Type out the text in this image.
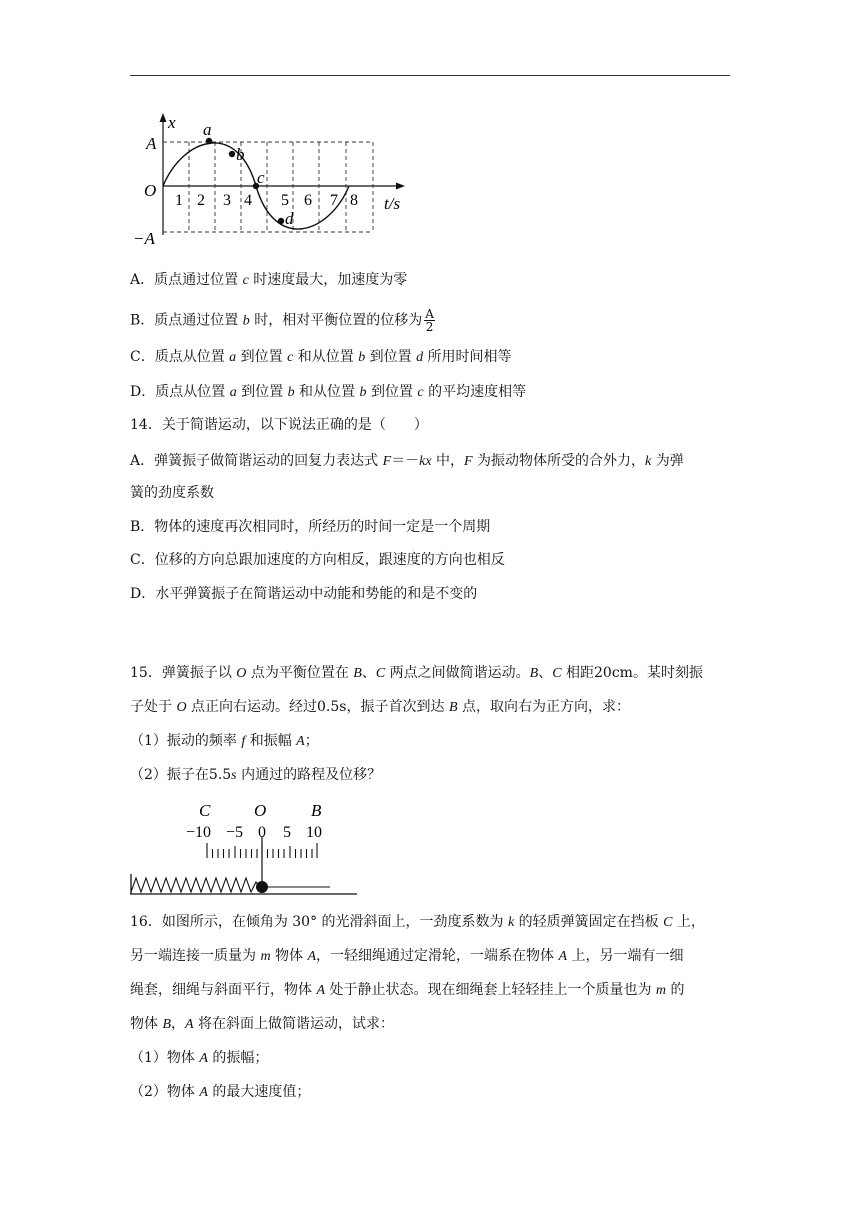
x
A
O
−A
1 2 3 4 5 6 7 8 t/s
a
b
c
d
A．质点通过位置 c 时速度最大，加速度为零
B．质点通过位置 b 时，相对平衡位置的位移为 $\frac{A}{2}$
C．质点从位置 a 到位置 c 和从位置 b 到位置 d 所用时间相等
D．质点从位置 a 到位置 b 和从位置 b 到位置 c 的平均速度相等
14．关于简谐运动，以下说法正确的是（　　）
A．弹簧振子做简谐运动的回复力表达式 F＝－kx 中，F 为振动物体所受的合外力，k 为弹
簧的劲度系数
B．物体的速度再次相同时，所经历的时间一定是一个周期
C．位移的方向总跟加速度的方向相反，跟速度的方向也相反
D．水平弹簧振子在简谐运动中动能和势能的和是不变的
15．弹簧振子以 O 点为平衡位置在 B、C 两点之间做简谐运动。B、C 相距20cm。某时刻振
子处于 O 点正向右运动。经过0.5s，振子首次到达 B 点，取向右为正方向，求：
（1）振动的频率 f 和振幅 A；
（2）振子在5.5s 内通过的路程及位移？
C	O	B
−10 −5 0 5 10
16．如图所示，在倾角为 30° 的光滑斜面上，一劲度系数为 k 的轻质弹簧固定在挡板 C 上，
另一端连接一质量为 m 物体 A，一轻细绳通过定滑轮，一端系在物体 A 上，另一端有一细
绳套，细绳与斜面平行，物体 A 处于静止状态。现在细绳套上轻轻挂上一个质量也为 m 的
物体 B，A 将在斜面上做简谐运动，试求：
（1）物体 A 的振幅；
（2）物体 A 的最大速度值；
